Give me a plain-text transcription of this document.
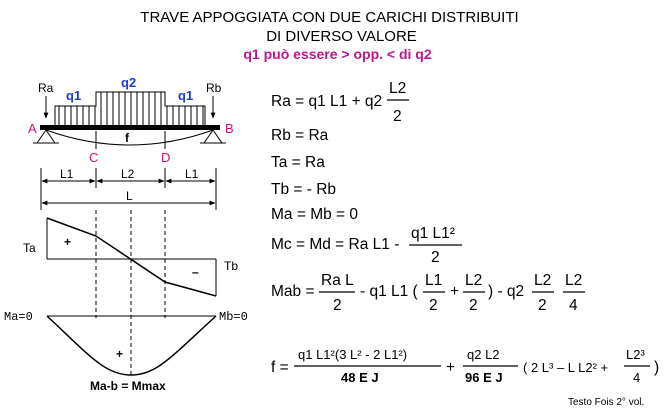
TRAVE APPOGGIATA CON DUE CARICHI DISTRIBUITI
DI DIVERSO VALORE
q1 può essere > opp. < di q2
Ra	Rb
q1
q2
q1
A	B
f
C	D
L1	L2	L1
L
+
–
Ta
Tb
+
Ma=0	Mb=0
Ma-b = Mmax
Ra = q1 L1 + q2
L2
2
Rb = Ra
Ta = Ra
Tb = - Rb
Ma = Mb = 0
Mc = Md = Ra L1 -
q1 L1²
2
Mab =
Ra L
2
- q1 L1 (
L1
2
+
L2
2
) - q2
L2
2
L2
4
f =
q1 L1²(3 L² - 2 L1²)
48 E J
+
q2 L2
96 E J
( 2 L³ – L L2² +
L2³
4
)
Testo Fois 2° vol.
